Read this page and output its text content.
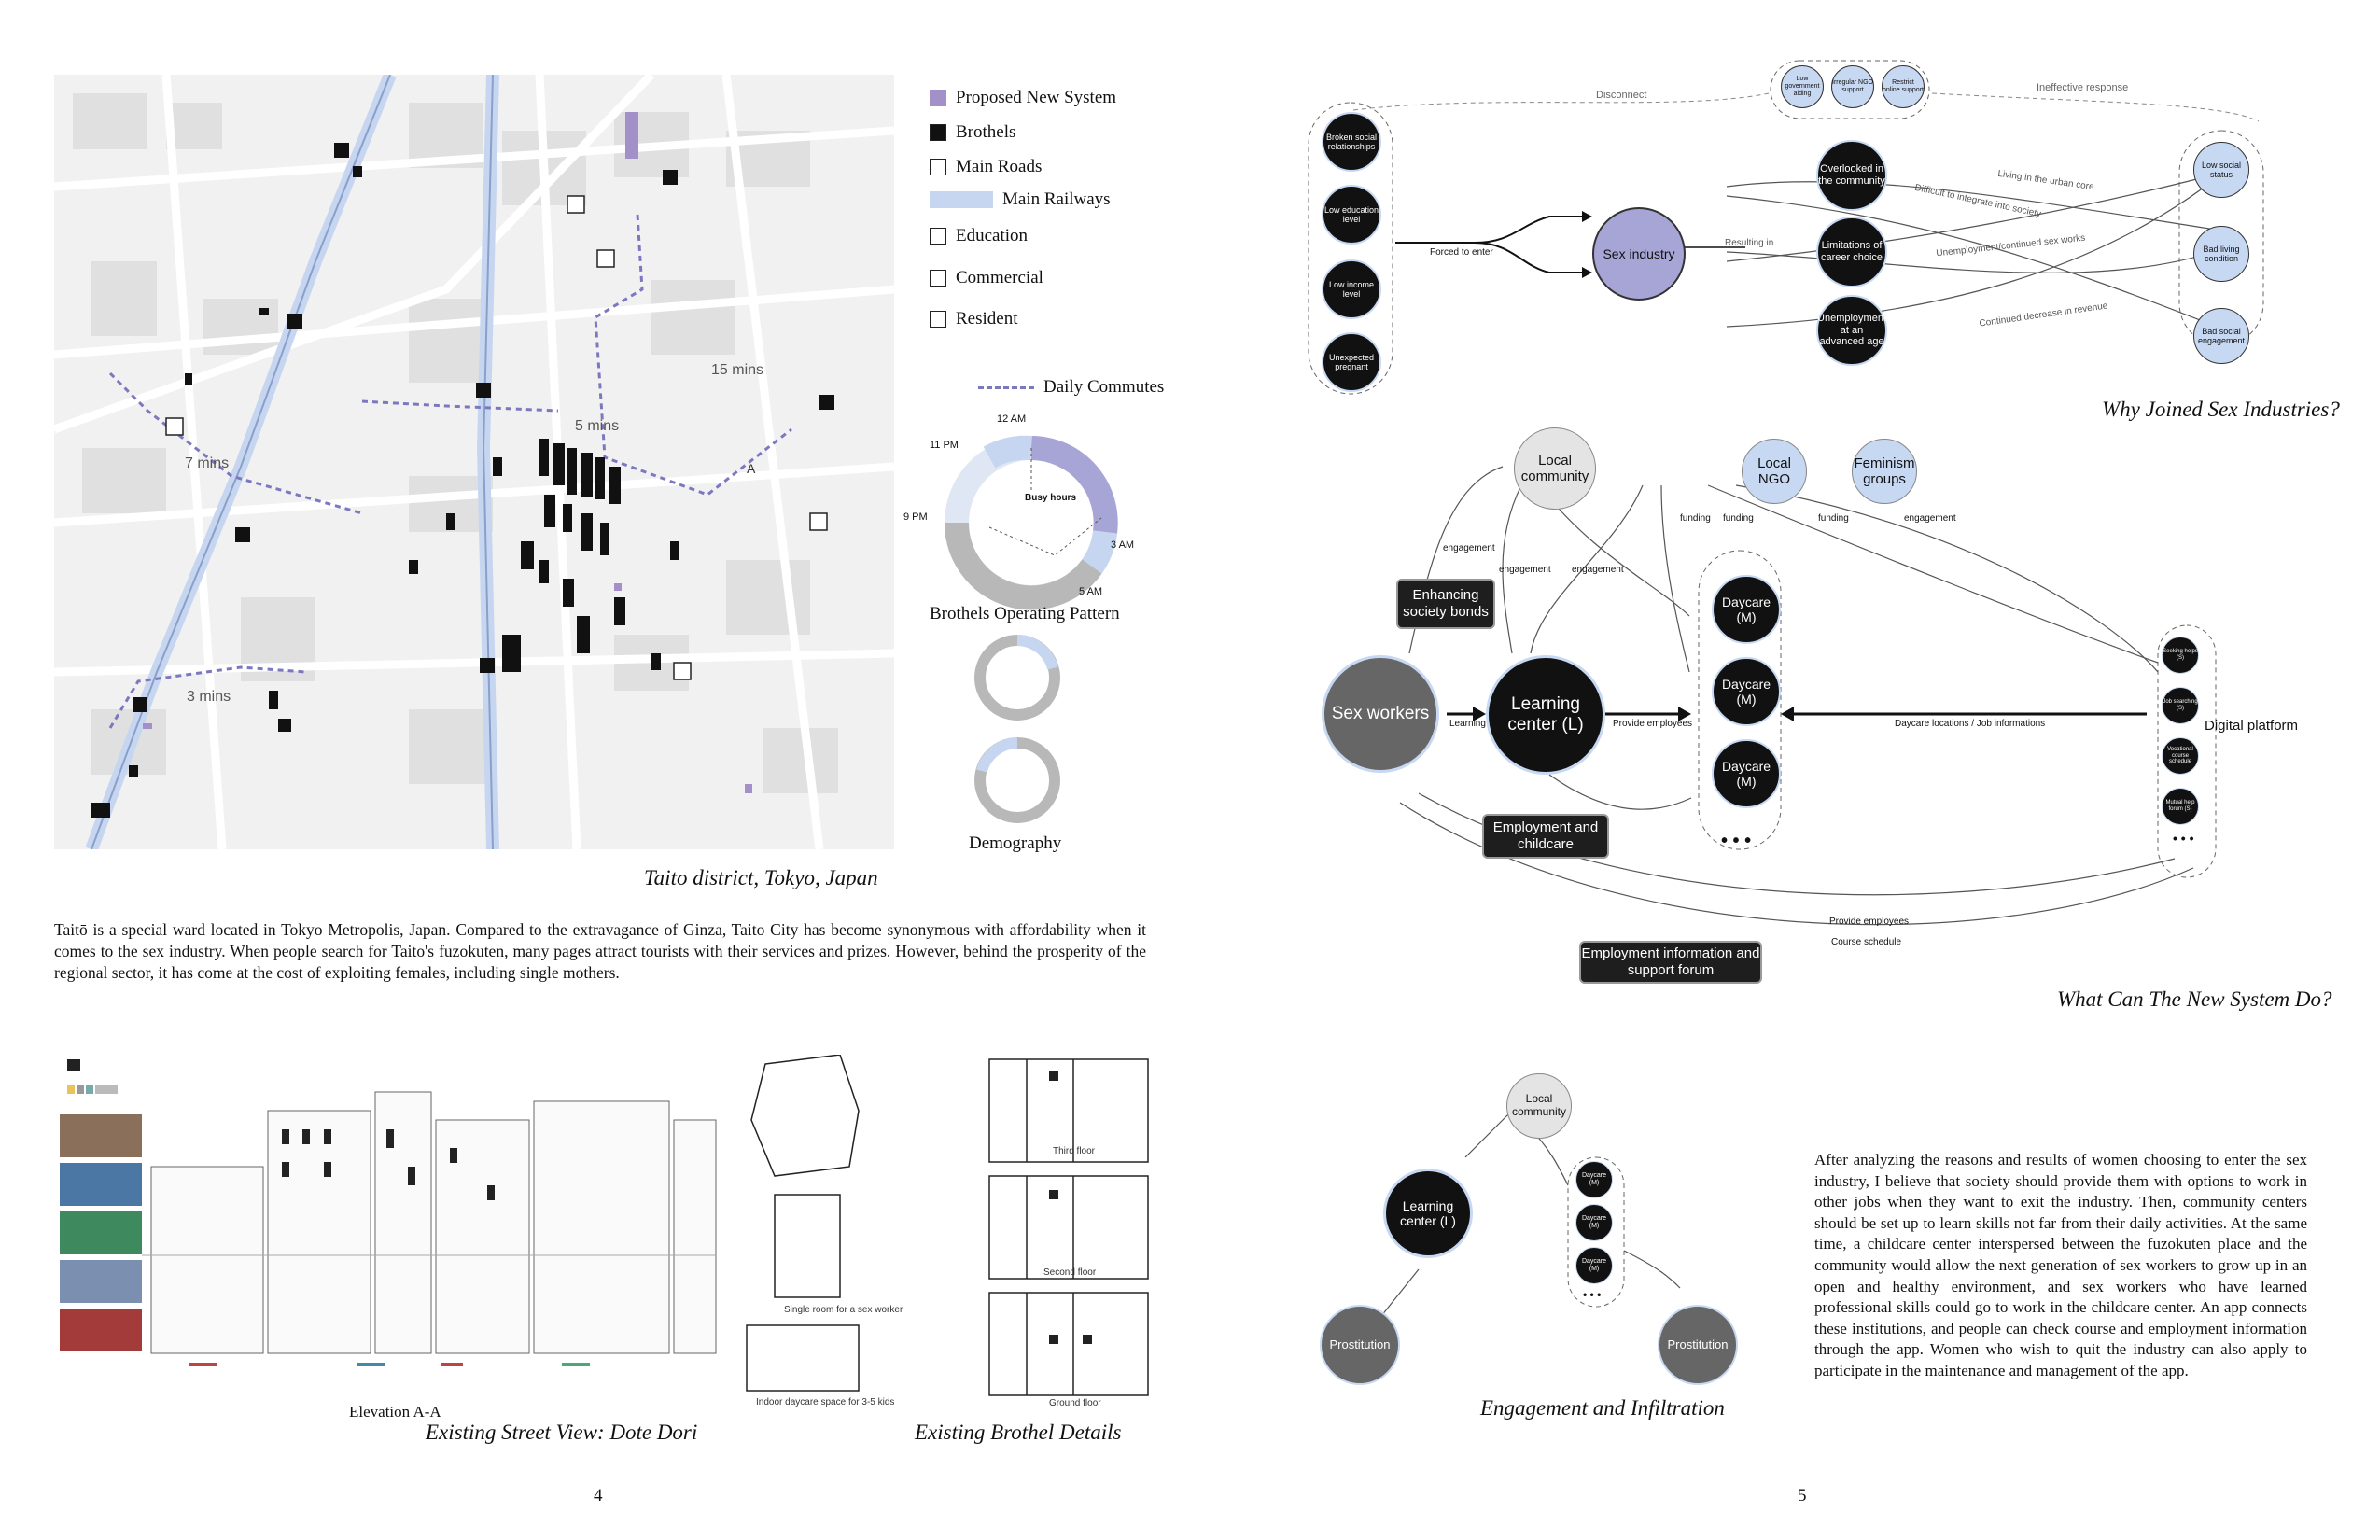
15 mins
7 mins
5 mins
3 mins
A
Proposed New System
Brothels
Main Roads
Main Railways
Education
Commercial
Resident
Daily Commutes
Busy hours
12 AM
3 AM
5 AM
9 PM
11 PM
Brothels Operating Pattern
Demography
Taito district, Tokyo, Japan
Taitō is a special ward located in Tokyo Metropolis, Japan. Compared to the extravagance of Ginza, Taito City has become synonymous with affordability when it comes to the sex industry. When people search for Taito's fuzokuten, many pages attract tourists with their services and prizes. However, behind the prosperity of the regional sector, it has come at the cost of exploiting females, including single mothers.
Elevation A-A
Existing Street View: Dote Dori
Third floor
Second floor
Ground floor
Single room for a sex worker
Indoor daycare space for 3-5 kids
Existing Brothel Details
4
Disconnect
Ineffective response
Broken social relationships
Low education level
Low income level
Unexpected pregnant
Forced to enter	Sex industry
Resulting in
Overlooked in the community
Limitations of career choice
Unemployment at an advanced age
Low government aiding
Irregular NGO support
Restrict online support
Living in the urban core
Difficult to integrate into society
Unemployment/continued sex works
Continued decrease in revenue
Low social status
Bad living condition
Bad social engagement
Why Joined Sex Industries?
Local community
Local NGO
Feminism groups
engagement
engagement engagement
engagement
funding funding	funding
Enhancing society bonds
Sex workers
Learning
Learning center (L)	Provide employees
Daycare (M)
Daycare (M)
Daycare (M)
• • •
Daycare locations / Job informations
Seeking helps (S)
Job searching (S)
Vocational course schedule
Mutual help forum (S)
• • •
Digital platform
Employment and childcare
Provide employees
Course schedule
Employment information and support forum
What Can The New System Do?
Local community
Learning center (L)
Daycare (M)
Daycare (M)
Daycare (M)
• • •
Prostitution	Prostitution
Engagement and Infiltration
After analyzing the reasons and results of women choosing to enter the sex industry, I believe that society should provide them with options to work in other jobs when they want to exit the industry. Then, community centers should be set up to learn skills not far from their daily activities. At the same time, a childcare center interspersed between the fuzokuten place and the community would allow the next generation of sex workers to grow up in an open and healthy environment, and sex workers who have learned professional skills could go to work in the childcare center. An app connects these institutions, and people can check course and employment information through the app. Women who wish to quit the industry can also apply to participate in the maintenance and management of the app.
5
